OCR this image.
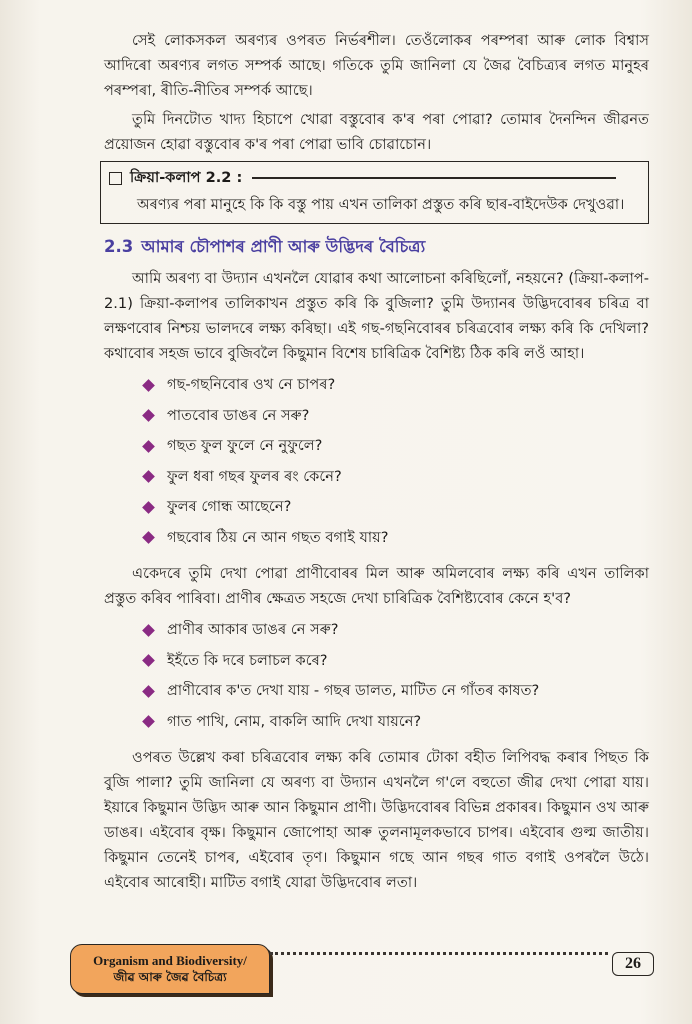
সেই লোকসকল অৰণ্যৰ ওপৰত নিৰ্ভৰশীল। তেওঁলোকৰ পৰম্পৰা আৰু লোক বিশ্বাস আদিৰো অৰণ্যৰ লগত সম্পৰ্ক আছে। গতিকে তুমি জানিলা যে জৈৱ বৈচিত্ৰ্যৰ লগত মানুহৰ পৰম্পৰা, ৰীতি-নীতিৰ সম্পৰ্ক আছে।

তুমি দিনটোত খাদ্য হিচাপে খোৱা বস্তুবোৰ ক'ৰ পৰা পোৱা? তোমাৰ দৈনন্দিন জীৱনত প্ৰয়োজন হোৱা বস্তুবোৰ ক'ৰ পৰা পোৱা ভাবি চোৱাচোন।

ক্ৰিয়া-কলাপ 2.2 :

অৰণ্যৰ পৰা মানুহে কি কি বস্তু পায় এখন তালিকা প্ৰস্তুত কৰি ছাৰ-বাইদেউক দেখুওৱা।

2.3 আমাৰ চৌপাশৰ প্ৰাণী আৰু উদ্ভিদৰ বৈচিত্ৰ্য

আমি অৰণ্য বা উদ্যান এখনলৈ যোৱাৰ কথা আলোচনা কৰিছিলোঁ, নহয়নে? (ক্ৰিয়া-কলাপ- 2.1) ক্ৰিয়া-কলাপৰ তালিকাখন প্ৰস্তুত কৰি কি বুজিলা? তুমি উদ্যানৰ উদ্ভিদবোৰৰ চৰিত্ৰ বা লক্ষণবোৰ নিশ্চয় ভালদৰে লক্ষ্য কৰিছা। এই গছ-গছনিবোৰৰ চৰিত্ৰবোৰ লক্ষ্য কৰি কি দেখিলা? কথাবোৰ সহজ ভাবে বুজিবলৈ কিছুমান বিশেষ চাৰিত্ৰিক বৈশিষ্ট্য ঠিক কৰি লওঁ আহা।

গছ-গছনিবোৰ ওখ নে চাপৰ?
পাতবোৰ ডাঙৰ নে সৰু?
গছত ফুল ফুলে নে নুফুলে?
ফুল ধৰা গছৰ ফুলৰ ৰং কেনে?
ফুলৰ গোন্ধ আছেনে?
গছবোৰ ঠিয় নে আন গছত বগাই যায়?

একেদৰে তুমি দেখা পোৱা প্ৰাণীবোৰৰ মিল আৰু অমিলবোৰ লক্ষ্য কৰি এখন তালিকা প্ৰস্তুত কৰিব পাৰিবা। প্ৰাণীৰ ক্ষেত্ৰত সহজে দেখা চাৰিত্ৰিক বৈশিষ্ট্যবোৰ কেনে হ'ব?

প্ৰাণীৰ আকাৰ ডাঙৰ নে সৰু?
ইহঁতে কি দৰে চলাচল কৰে?
প্ৰাণীবোৰ ক'ত দেখা যায় - গছৰ ডালত, মাটিত নে গাঁতৰ কাষত?
গাত পাখি, নোম, বাকলি আদি দেখা যায়নে?

ওপৰত উল্লেখ কৰা চৰিত্ৰবোৰ লক্ষ্য কৰি তোমাৰ টোকা বহীত লিপিবদ্ধ কৰাৰ পিছত কি বুজি পালা? তুমি জানিলা যে অৰণ্য বা উদ্যান এখনলৈ গ'লে বহুতো জীৱ দেখা পোৱা যায়। ইয়াৰে কিছুমান উদ্ভিদ আৰু আন কিছুমান প্ৰাণী। উদ্ভিদবোৰৰ বিভিন্ন প্ৰকাৰৰ। কিছুমান ওখ আৰু ডাঙৰ। এইবোৰ বৃক্ষ। কিছুমান জোপোহা আৰু তুলনামূলকভাবে চাপৰ। এইবোৰ গুল্ম জাতীয়। কিছুমান তেনেই চাপৰ, এইবোৰ তৃণ। কিছুমান গছে আন গছৰ গাত বগাই ওপৰলৈ উঠে। এইবোৰ আৰোহী। মাটিত বগাই যোৱা উদ্ভিদবোৰ লতা।

Organism and Biodiversity/
জীৱ আৰু জৈৱ বৈচিত্ৰ্য
26
